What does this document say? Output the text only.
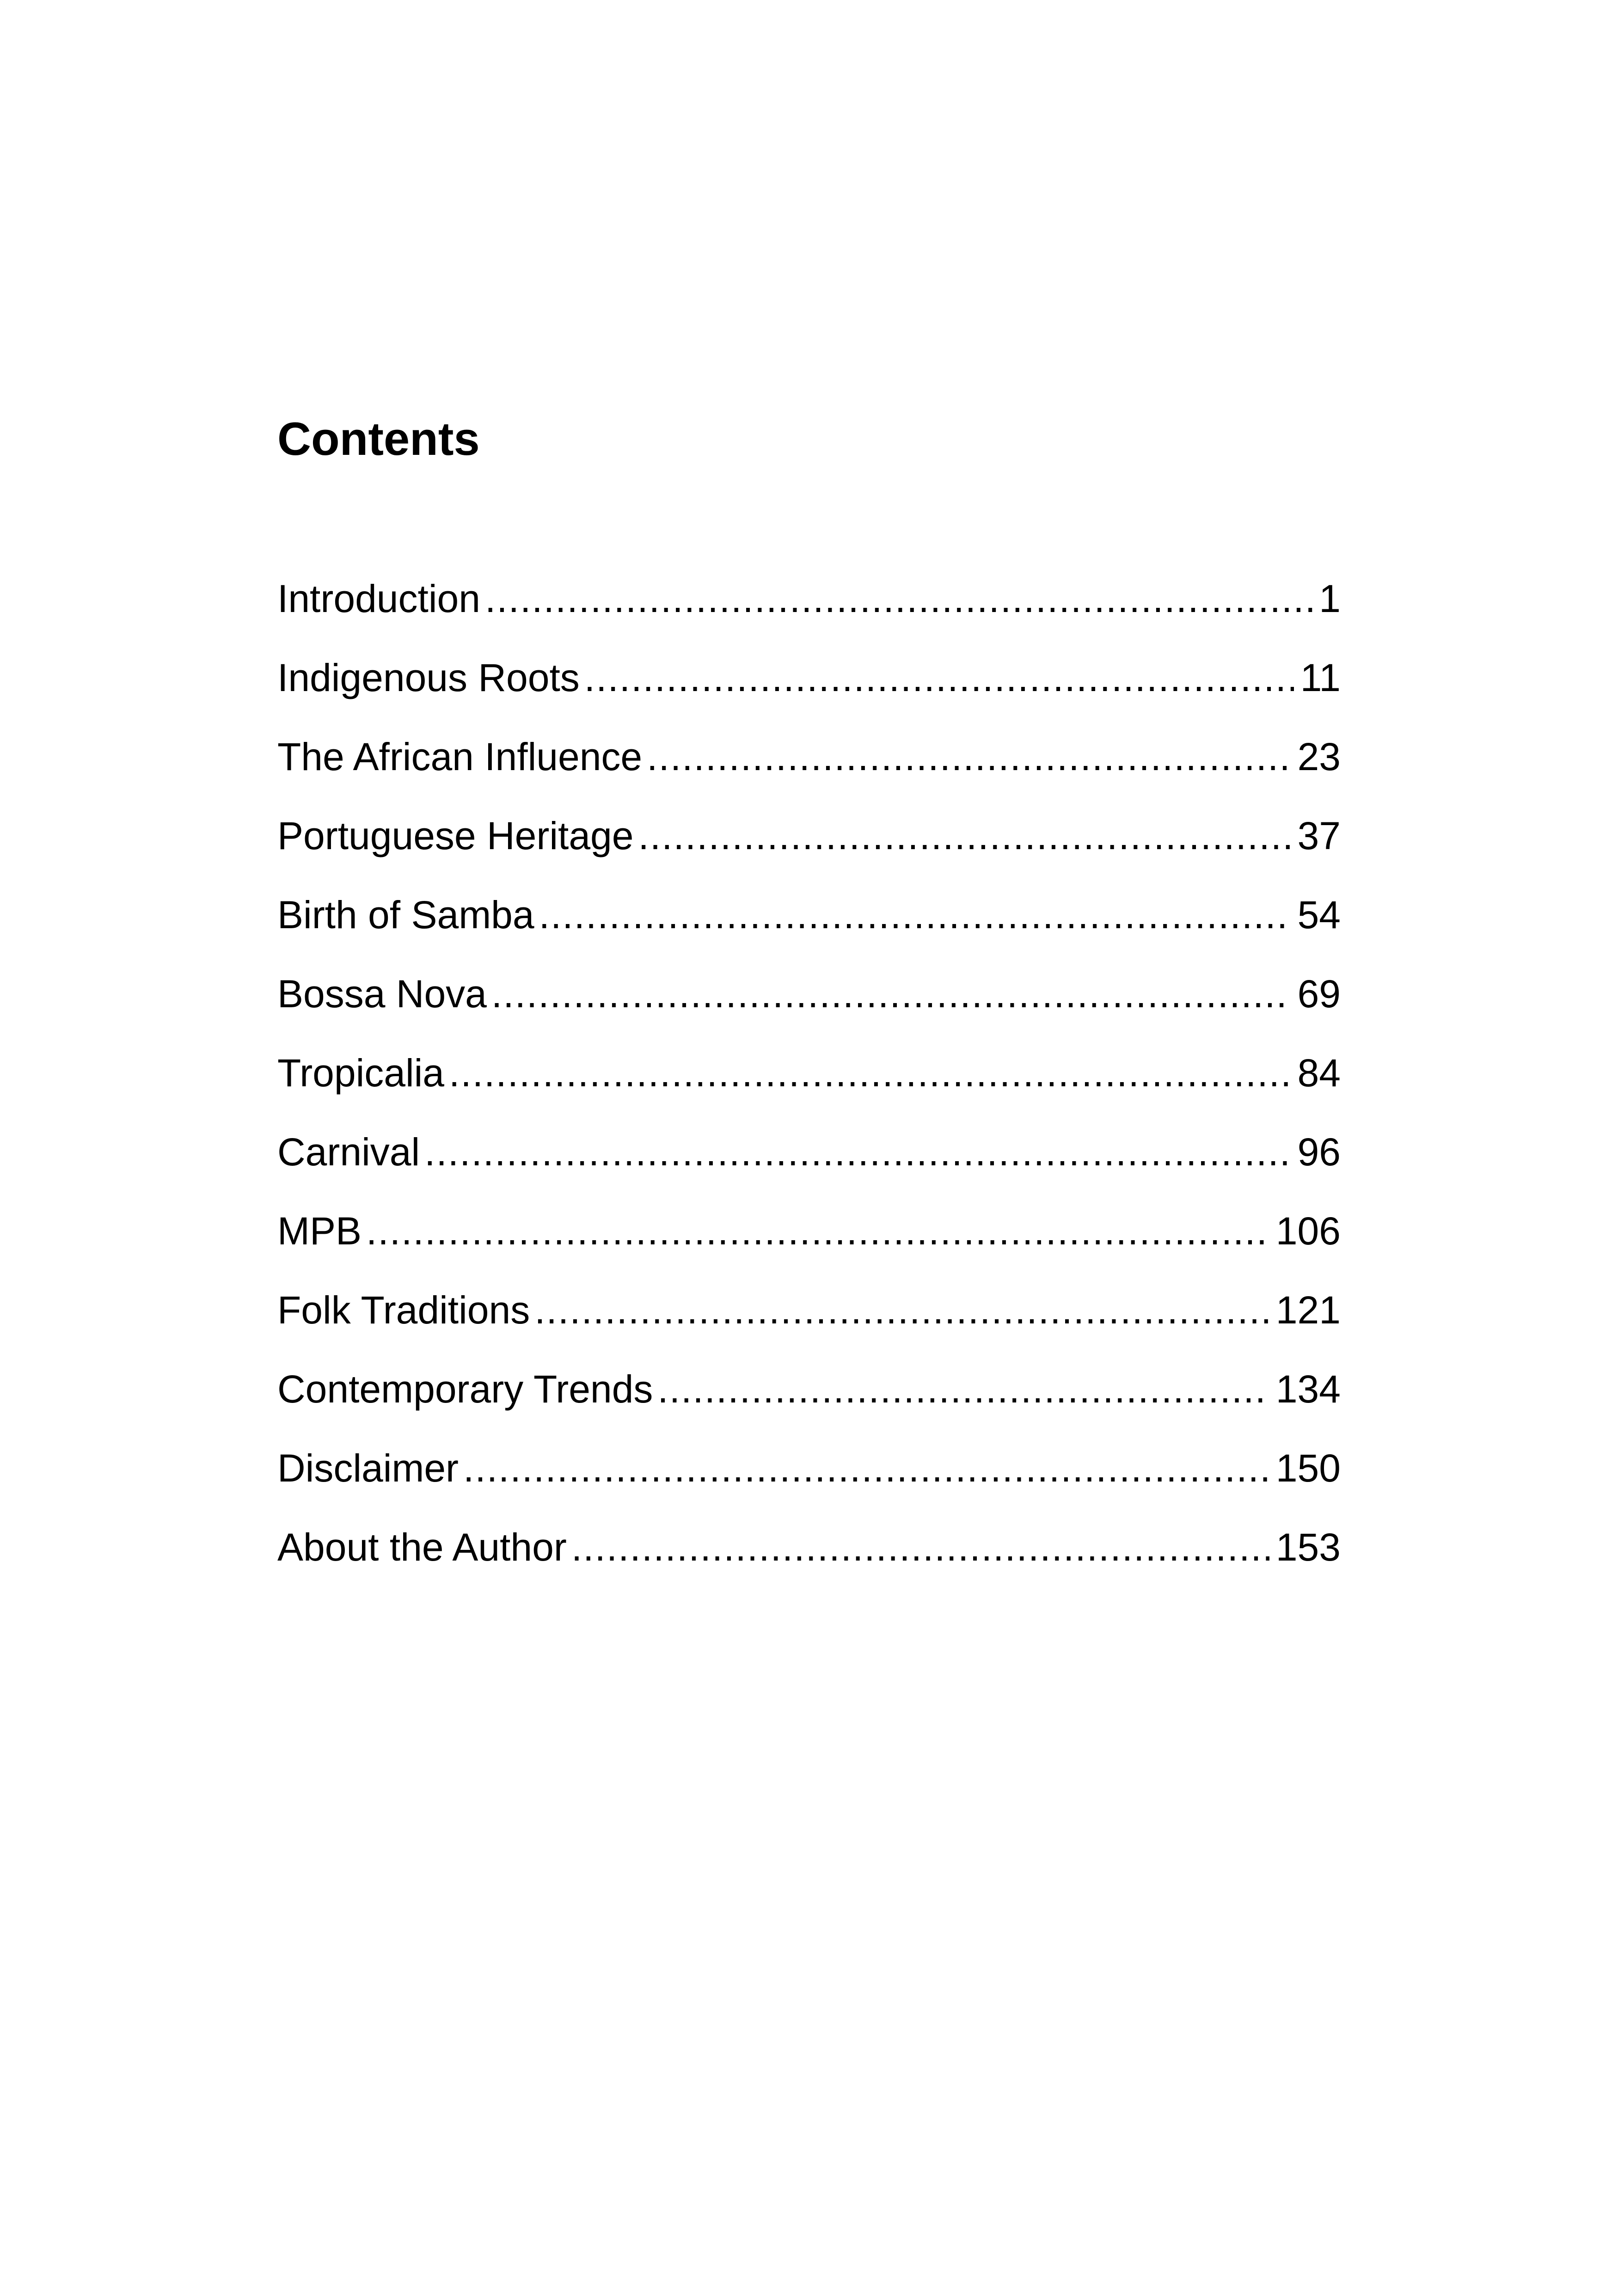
Contents
Introduction .....	1
Indigenous Roots .....	11
The African Influence .....	23
Portuguese Heritage .....	37
Birth of Samba .....	54
Bossa Nova .....	69
Tropicalia .....	84
Carnival .....	96
MPB .....	106
Folk Traditions .....	121
Contemporary Trends .....	134
Disclaimer .....	150
About the Author .....	153
